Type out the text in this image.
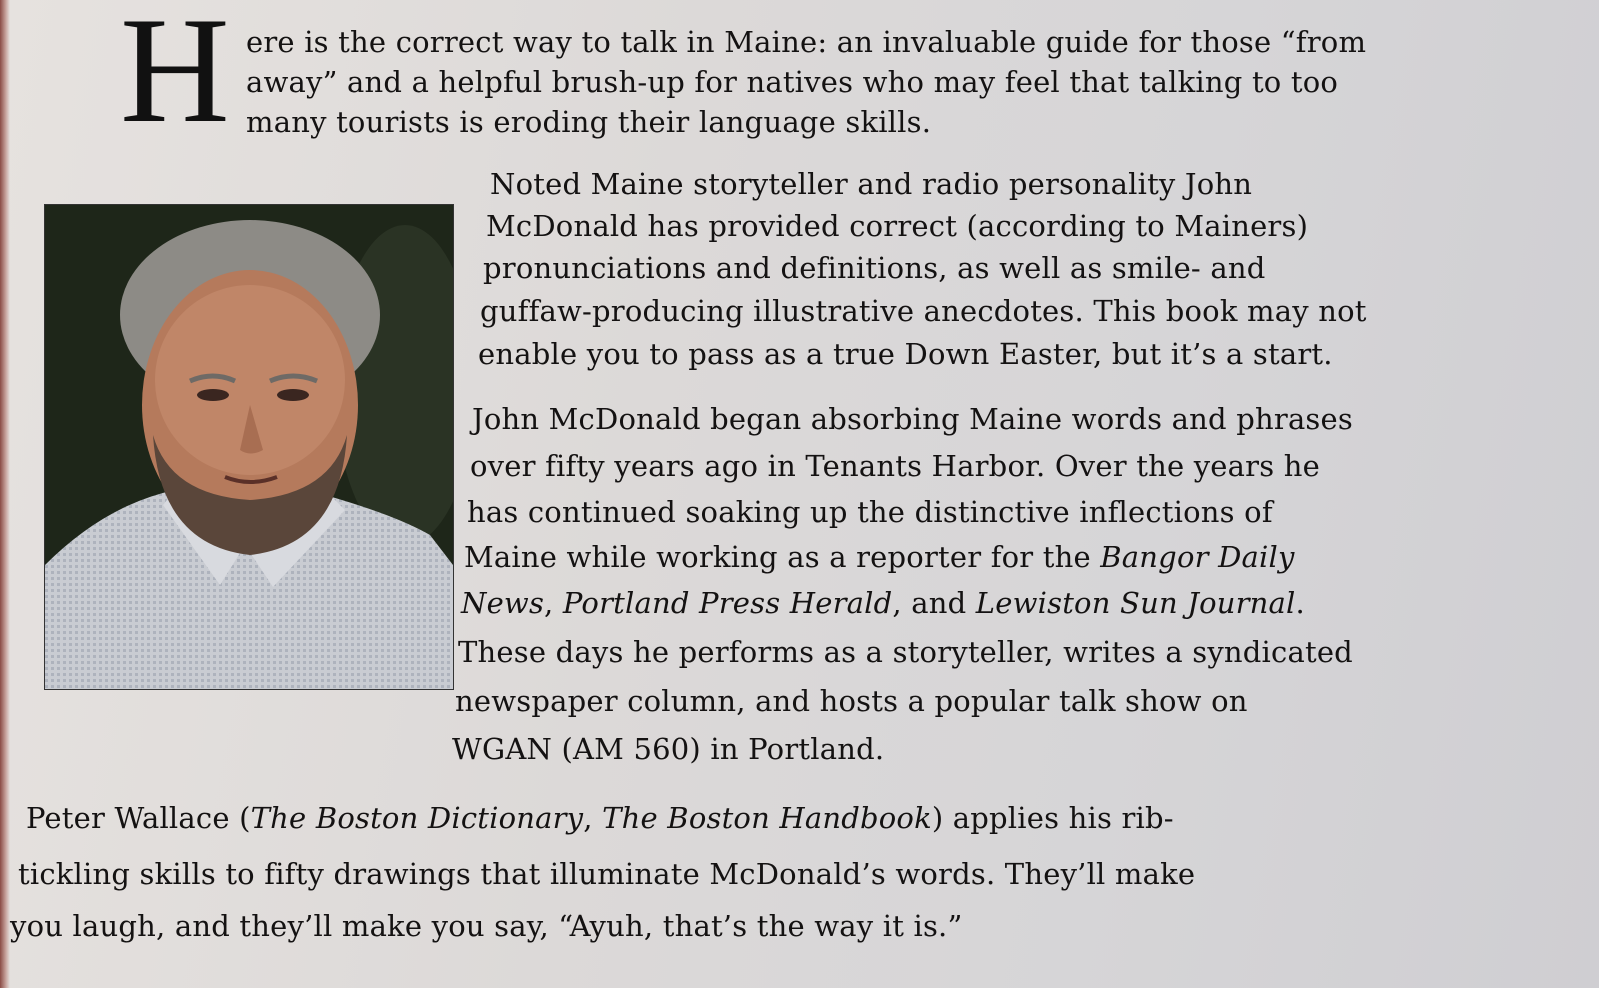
H ere is the correct way to talk in Maine: an invaluable guide for those “from
away” and a helpful brush-up for natives who may feel that talking to too
many tourists is eroding their language skills.
Noted Maine storyteller and radio personality John
McDonald has provided correct (according to Mainers)
pronunciations and definitions, as well as smile- and
guffaw-producing illustrative anecdotes. This book may not
enable you to pass as a true Down Easter, but it’s a start.
John McDonald began absorbing Maine words and phrases
over fifty years ago in Tenants Harbor. Over the years he
has continued soaking up the distinctive inflections of
Maine while working as a reporter for the Bangor Daily
News, Portland Press Herald, and Lewiston Sun Journal.
These days he performs as a storyteller, writes a syndicated
newspaper column, and hosts a popular talk show on
WGAN (AM 560) in Portland.
Peter Wallace (The Boston Dictionary, The Boston Handbook) applies his rib-
tickling skills to fifty drawings that illuminate McDonald’s words. They’ll make
you laugh, and they’ll make you say, “Ayuh, that’s the way it is.”
